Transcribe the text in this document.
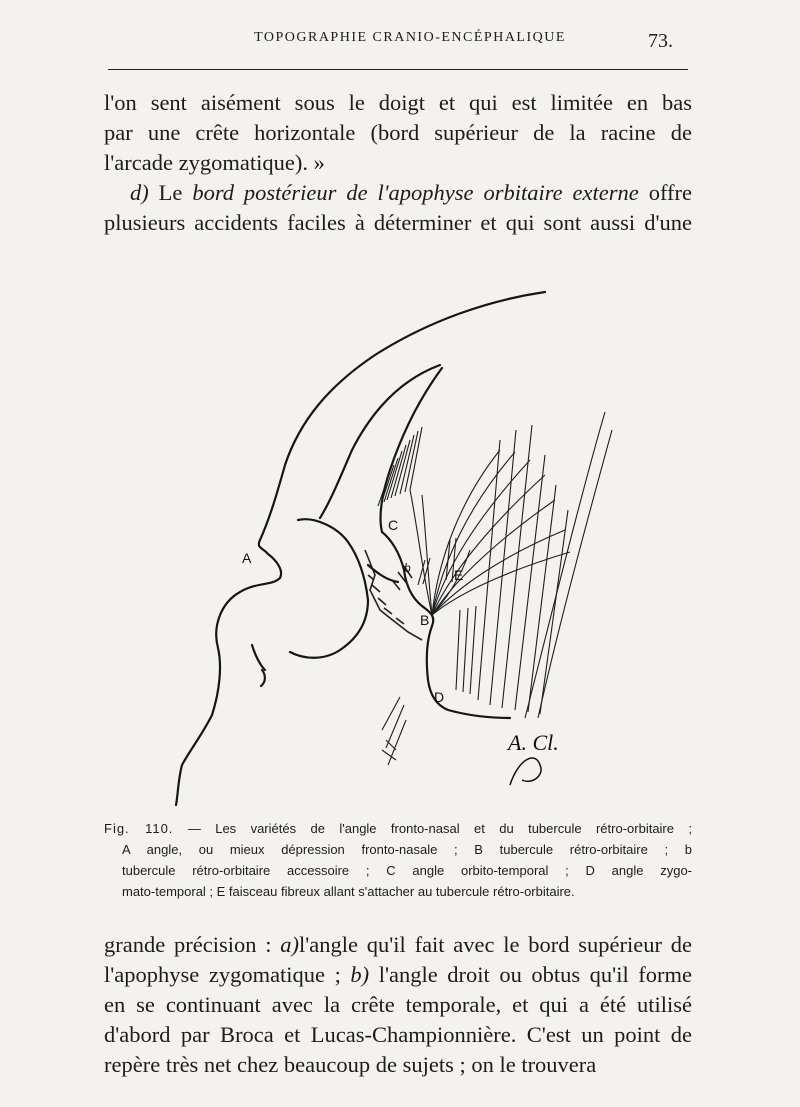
TOPOGRAPHIE CRANIO-ENCÉPHALIQUE	73.

l'on sent aisément sous le doigt et qui est limitée en bas

par une crête horizontale (bord supérieur de la racine de

l'arcade zygomatique). »

d) Le bord postérieur de l'apophyse orbitaire externe offre

plusieurs accidents faciles à déterminer et qui sont aussi d'une

A
B
b
C
D
E
A. Cl.

Fig. 110. — Les variétés de l'angle fronto-nasal et du tubercule rétro-orbitaire ;

A angle, ou mieux dépression fronto-nasale ; B tubercule rétro-orbitaire ; b

tubercule rétro-orbitaire accessoire ; C angle orbito-temporal ; D angle zygo-

mato-temporal ; E faisceau fibreux allant s'attacher au tubercule rétro-orbitaire.

grande précision : a)l'angle qu'il fait avec le bord supérieur de

l'apophyse zygomatique ; b) l'angle droit ou obtus qu'il forme

en se continuant avec la crête temporale, et qui a été utilisé

d'abord par Broca et Lucas-Championnière. C'est un point de

repère très net chez beaucoup de sujets ; on le trouvera
